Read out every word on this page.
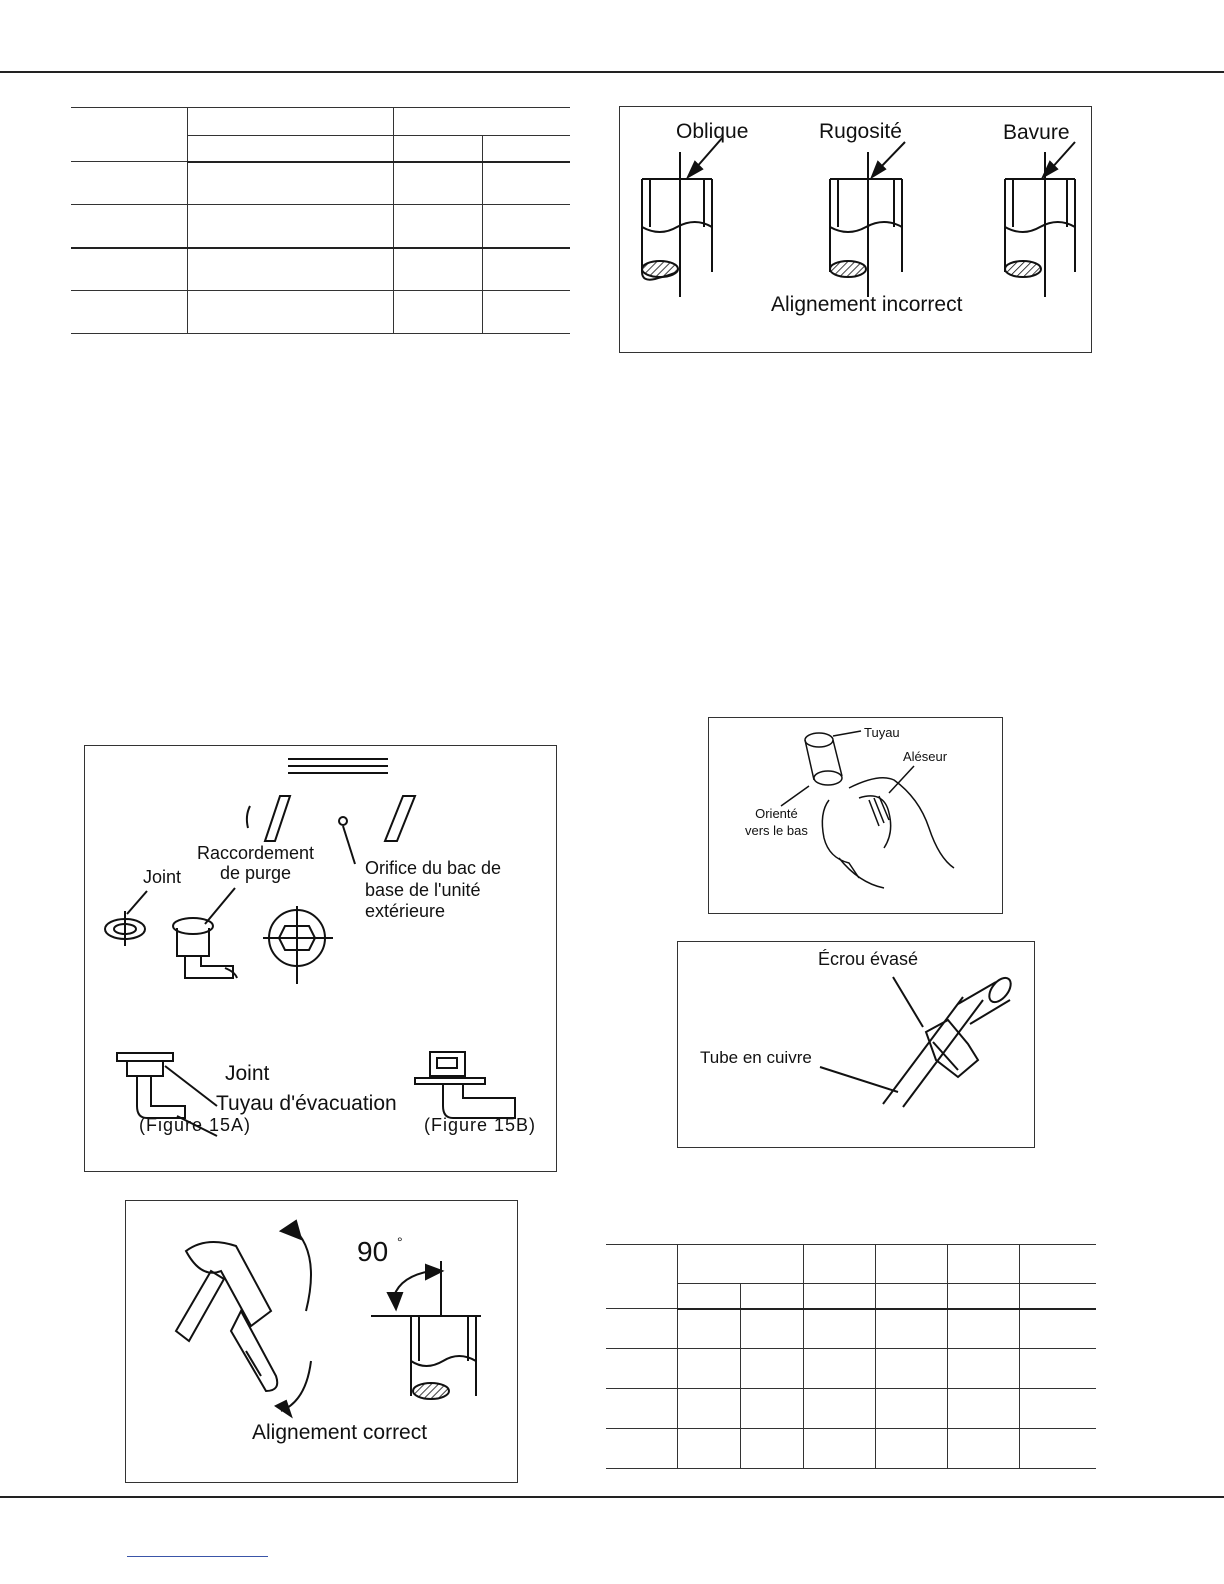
Oblique	Rugosité	Bavure
Alignement incorrect
Raccordement
de purge
Joint	Orifice du bac de
base de l'unité
extérieure
Joint
Tuyau d'évacuation
(Figure 15A)	(Figure 15B)
90 °
Alignement correct
Tuyau
Aléseur
Orienté
vers le bas
Écrou évasé
Tube en cuivre
